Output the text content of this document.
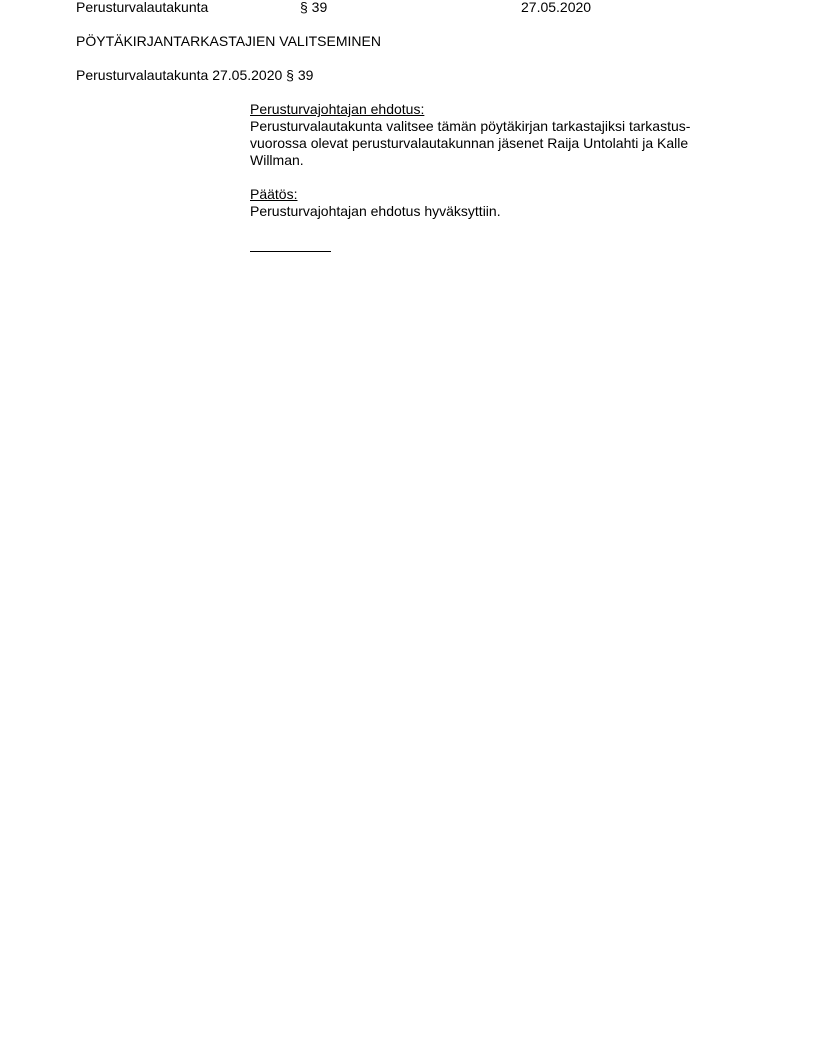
Perusturvalautakunta	§ 39	27.05.2020
PÖYTÄKIRJANTARKASTAJIEN VALITSEMINEN
Perusturvalautakunta 27.05.2020 § 39
Perusturvajohtajan ehdotus:
Perusturvalautakunta valitsee tämän pöytäkirjan tarkastajiksi tarkastus-
vuorossa olevat perusturvalautakunnan jäsenet Raija Untolahti ja Kalle
Willman.
Päätös:
Perusturvajohtajan ehdotus hyväksyttiin.
